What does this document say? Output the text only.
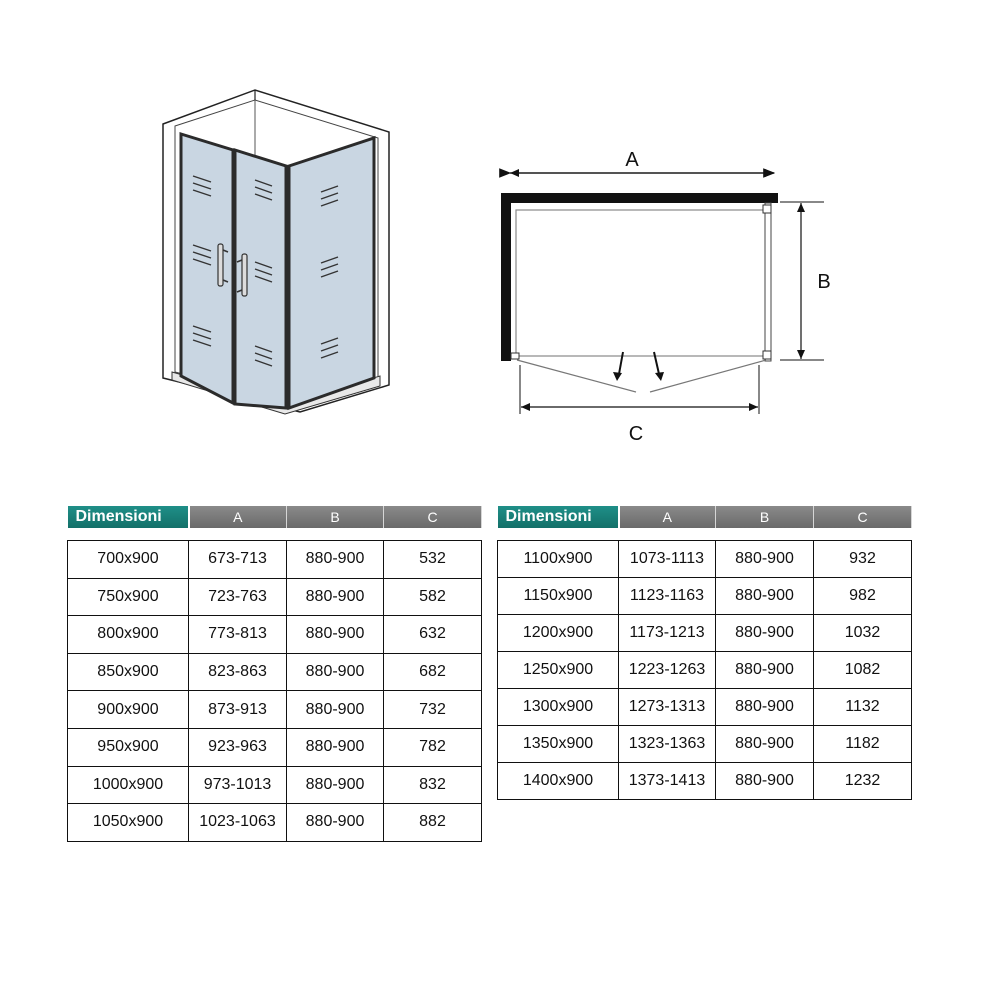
A
B
C
Dimensioni	A	B	C

700x900	673-713	880-900	532
750x900	723-763	880-900	582
800x900	773-813	880-900	632
850x900	823-863	880-900	682
900x900	873-913	880-900	732
950x900	923-963	880-900	782
1000x900	973-1013	880-900	832
1050x900	1023-1063	880-900	882
Dimensioni	A	B	C

1100x900	1073-1113	880-900	932
1150x900	1123-1163	880-900	982
1200x900	1173-1213	880-900	1032
1250x900	1223-1263	880-900	1082
1300x900	1273-1313	880-900	1132
1350x900	1323-1363	880-900	1182
1400x900	1373-1413	880-900	1232
